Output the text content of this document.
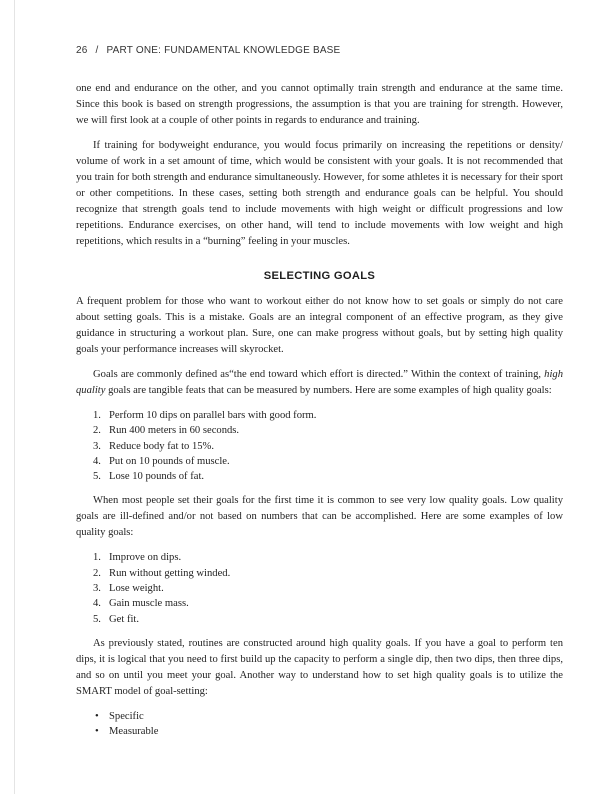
26 / PART ONE: FUNDAMENTAL KNOWLEDGE BASE

one end and endurance on the other, and you cannot optimally train strength and endurance at the same time. Since this book is based on strength progressions, the assumption is that you are training for strength. However, we will first look at a couple of other points in regards to endurance and training.

If training for bodyweight endurance, you would focus primarily on increasing the repetitions or density/ volume of work in a set amount of time, which would be consistent with your goals. It is not recommended that you train for both strength and endurance simultaneously. However, for some athletes it is necessary for their sport or other competitions. In these cases, setting both strength and endurance goals can be helpful. You should recognize that strength goals tend to include movements with high weight or difficult progressions and low repetitions. Endurance exercises, on other hand, will tend to include movements with low weight and high repetitions, which results in a “burning” feeling in your muscles.

SELECTING GOALS

A frequent problem for those who want to workout either do not know how to set goals or simply do not care about setting goals. This is a mistake. Goals are an integral component of an effective program, as they give guidance in structuring a workout plan. Sure, one can make progress without goals, but by setting high quality goals your performance increases will skyrocket.

Goals are commonly defined as“the end toward which effort is directed.” Within the context of training, high quality goals are tangible feats that can be measured by numbers. Here are some examples of high quality goals:

1. Perform 10 dips on parallel bars with good form.
2. Run 400 meters in 60 seconds.
3. Reduce body fat to 15%.
4. Put on 10 pounds of muscle.
5. Lose 10 pounds of fat.

When most people set their goals for the first time it is common to see very low quality goals. Low quality goals are ill-defined and/or not based on numbers that can be accomplished. Here are some examples of low quality goals:

1. Improve on dips.
2. Run without getting winded.
3. Lose weight.
4. Gain muscle mass.
5. Get fit.

As previously stated, routines are constructed around high quality goals. If you have a goal to perform ten dips, it is logical that you need to first build up the capacity to perform a single dip, then two dips, then three dips, and so on until you meet your goal. Another way to understand how to set high quality goals is to utilize the SMART model of goal-setting:

• Specific
• Measurable
